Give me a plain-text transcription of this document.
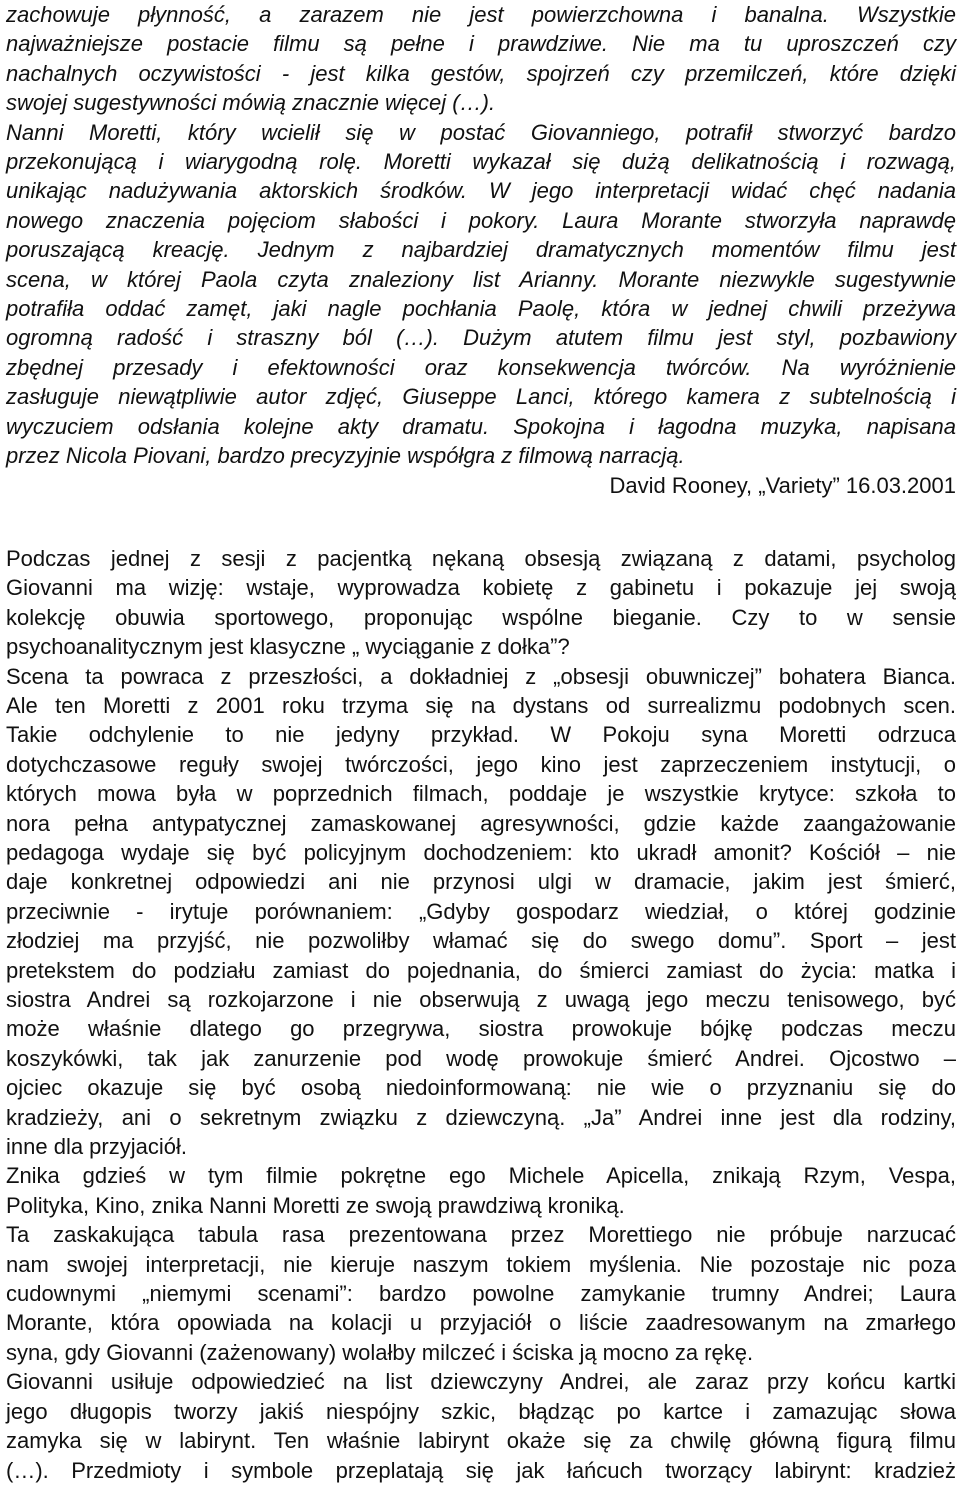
zachowuje płynność, a zarazem nie jest powierzchowna i banalna. Wszystkie
najważniejsze postacie filmu są pełne i prawdziwe. Nie ma tu uproszczeń czy
nachalnych oczywistości - jest kilka gestów, spojrzeń czy przemilczeń, które dzięki
swojej sugestywności mówią znacznie więcej (…).
Nanni Moretti, który wcielił się w postać Giovanniego, potrafił stworzyć bardzo
przekonującą i wiarygodną rolę. Moretti wykazał się dużą delikatnością i rozwagą,
unikając nadużywania aktorskich środków. W jego interpretacji widać chęć nadania
nowego znaczenia pojęciom słabości i pokory. Laura Morante stworzyła naprawdę
poruszającą kreację. Jednym z najbardziej dramatycznych momentów filmu jest
scena, w której Paola czyta znaleziony list Arianny. Morante niezwykle sugestywnie
potrafiła oddać zamęt, jaki nagle pochłania Paolę, która w jednej chwili przeżywa
ogromną radość i straszny ból (…). Dużym atutem filmu jest styl, pozbawiony
zbędnej przesady i efektowności oraz konsekwencja twórców. Na wyróżnienie
zasługuje niewątpliwie autor zdjęć, Giuseppe Lanci, którego kamera z subtelnością i
wyczuciem odsłania kolejne akty dramatu. Spokojna i łagodna muzyka, napisana
przez Nicola Piovani, bardzo precyzyjnie współgra z filmową narracją.
David Rooney, „Variety” 16.03.2001
Podczas jednej z sesji z pacjentką nękaną obsesją związaną z datami, psycholog
Giovanni ma wizję: wstaje, wyprowadza kobietę z gabinetu i pokazuje jej swoją
kolekcję obuwia sportowego, proponując wspólne bieganie. Czy to w sensie
psychoanalitycznym jest klasyczne „ wyciąganie z dołka”?
Scena ta powraca z przeszłości, a dokładniej z „obsesji obuwniczej” bohatera Bianca.
Ale ten Moretti z 2001 roku trzyma się na dystans od surrealizmu podobnych scen.
Takie odchylenie to nie jedyny przykład. W Pokoju syna Moretti odrzuca
dotychczasowe reguły swojej twórczości, jego kino jest zaprzeczeniem instytucji, o
których mowa była w poprzednich filmach, poddaje je wszystkie krytyce: szkoła to
nora pełna antypatycznej zamaskowanej agresywności, gdzie każde zaangażowanie
pedagoga wydaje się być policyjnym dochodzeniem: kto ukradł amonit? Kościół – nie
daje konkretnej odpowiedzi ani nie przynosi ulgi w dramacie, jakim jest śmierć,
przeciwnie - irytuje porównaniem: „Gdyby gospodarz wiedział, o której godzinie
złodziej ma przyjść, nie pozwoliłby włamać się do swego domu”. Sport – jest
pretekstem do podziału zamiast do pojednania, do śmierci zamiast do życia: matka i
siostra Andrei są rozkojarzone i nie obserwują z uwagą jego meczu tenisowego, być
może właśnie dlatego go przegrywa, siostra prowokuje bójkę podczas meczu
koszykówki, tak jak zanurzenie pod wodę prowokuje śmierć Andrei. Ojcostwo –
ojciec okazuje się być osobą niedoinformowaną: nie wie o przyznaniu się do
kradzieży, ani o sekretnym związku z dziewczyną. „Ja” Andrei inne jest dla rodziny,
inne dla przyjaciół.
Znika gdzieś w tym filmie pokrętne ego Michele Apicella, znikają Rzym, Vespa,
Polityka, Kino, znika Nanni Moretti ze swoją prawdziwą kroniką.
Ta zaskakująca tabula rasa prezentowana przez Morettiego nie próbuje narzucać
nam swojej interpretacji, nie kieruje naszym tokiem myślenia. Nie pozostaje nic poza
cudownymi „niemymi scenami”: bardzo powolne zamykanie trumny Andrei; Laura
Morante, która opowiada na kolacji u przyjaciół o liście zaadresowanym na zmarłego
syna, gdy Giovanni (zażenowany) wolałby milczeć i ściska ją mocno za rękę.
Giovanni usiłuje odpowiedzieć na list dziewczyny Andrei, ale zaraz przy końcu kartki
jego długopis tworzy jakiś niespójny szkic, błądząc po kartce i zamazując słowa
zamyka się w labirynt. Ten właśnie labirynt okaże się za chwilę główną figurą filmu
(…). Przedmioty i symbole przeplatają się jak łańcuch tworzący labirynt: kradzież
